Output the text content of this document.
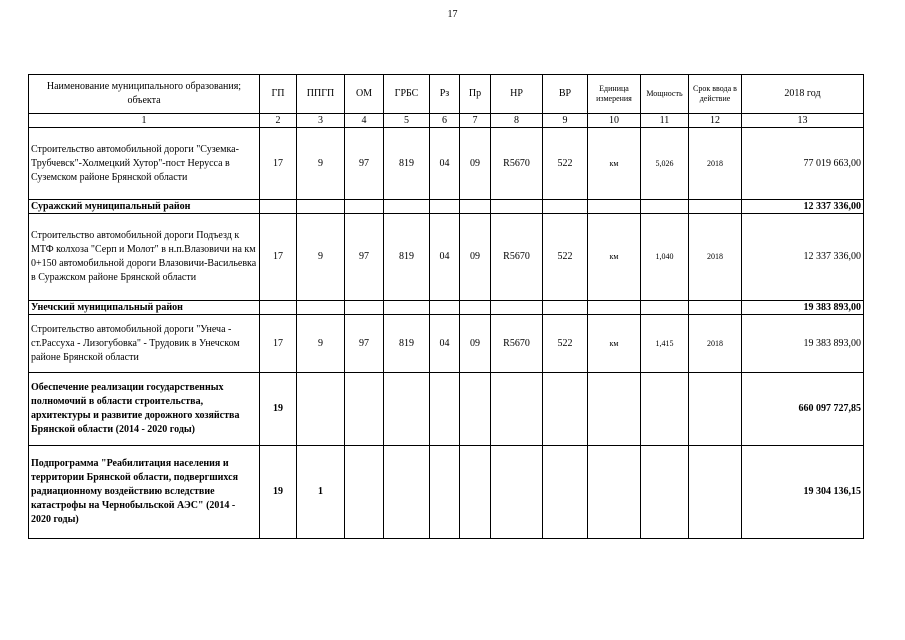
17
Наименование муниципального образования; объекта	ГП	ППГП	ОМ	ГРБС	Рз	Пр	НР	ВР	Единица измерения	Мощность	Срок ввода в действие	2018 год
1	2	3	4	5	6	7	8	9	10	11	12	13
Строительство автомобильной дороги "Суземка-Трубчевск"-Холмецкий Хутор"-пост Нерусса в Суземском районе Брянской области	17	9	97	819	04	09	R5670	522	км	5,026	2018	77 019 663,00
Суражский муниципальный район												12 337 336,00
Строительство автомобильной дороги Подъезд к МТФ колхоза "Серп и Молот" в н.п.Влазовичи на км 0+150 автомобильной дороги Влазовичи-Васильевка в Суражском районе Брянской области	17	9	97	819	04	09	R5670	522	км	1,040	2018	12 337 336,00
Унечский муниципальный район												19 383 893,00
Строительство автомобильной дороги "Унеча - ст.Рассуха - Лизогубовка" - Трудовик в Унечском районе Брянской области	17	9	97	819	04	09	R5670	522	км	1,415	2018	19 383 893,00
Обеспечение реализации государственных полномочий в области строительства, архитектуры и развитие дорожного хозяйства Брянской области (2014 - 2020 годы)	19											660 097 727,85
Подпрограмма "Реабилитация населения и территории Брянской области, подвергшихся радиационному воздействию вследствие катастрофы на Чернобыльской АЭС" (2014 - 2020 годы)	19	1										19 304 136,15
